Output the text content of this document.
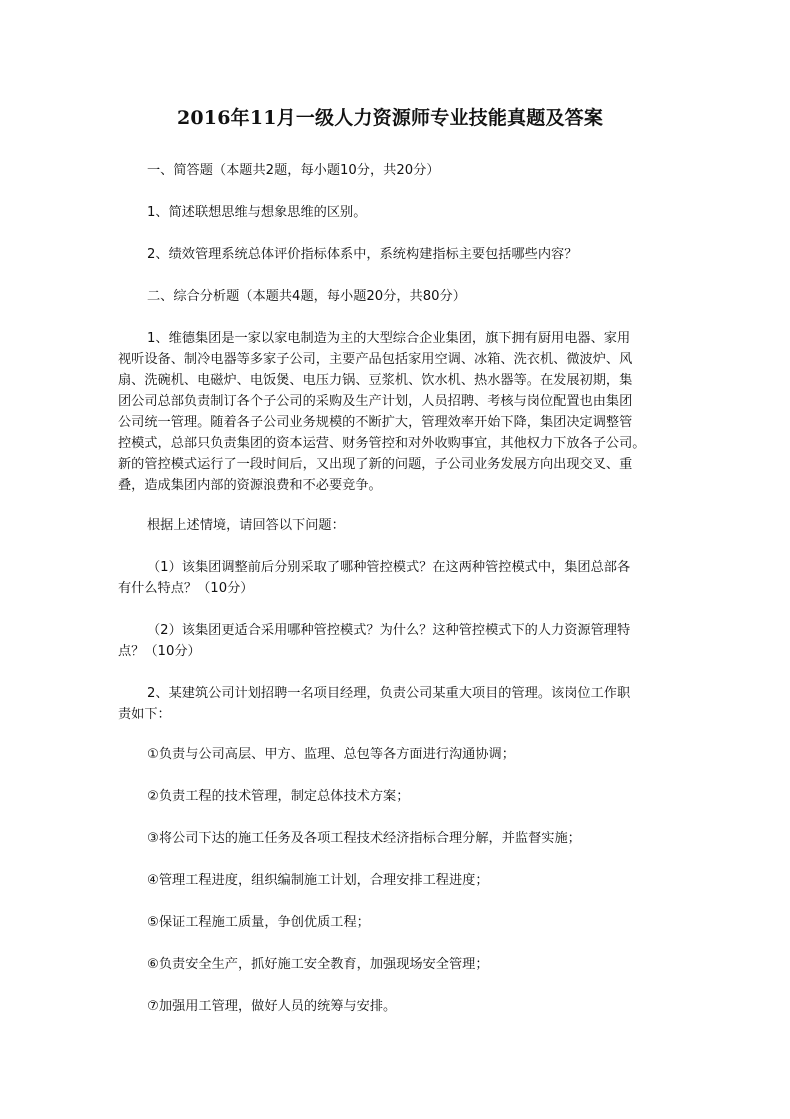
2016年11月一级人力资源师专业技能真题及答案
一、简答题（本题共2题，每小题10分，共20分）
1、简述联想思维与想象思维的区别。
2、绩效管理系统总体评价指标体系中，系统构建指标主要包括哪些内容？
二、综合分析题（本题共4题，每小题20分，共80分）
1、维德集团是一家以家电制造为主的大型综合企业集团，旗下拥有厨用电器、家用
视听设备、制冷电器等多家子公司，主要产品包括家用空调、冰箱、洗衣机、微波炉、风
扇、洗碗机、电磁炉、电饭煲、电压力锅、豆浆机、饮水机、热水器等。在发展初期，集
团公司总部负责制订各个子公司的采购及生产计划，人员招聘、考核与岗位配置也由集团
公司统一管理。随着各子公司业务规模的不断扩大，管理效率开始下降，集团决定调整管
控模式，总部只负责集团的资本运营、财务管控和对外收购事宜，其他权力下放各子公司。
新的管控模式运行了一段时间后，又出现了新的问题，子公司业务发展方向出现交叉、重
叠，造成集团内部的资源浪费和不必要竞争。
根据上述情境，请回答以下问题：
（1）该集团调整前后分别采取了哪种管控模式？在这两种管控模式中，集团总部各
有什么特点？（10分）
（2）该集团更适合采用哪种管控模式？为什么？这种管控模式下的人力资源管理特
点？（10分）
2、某建筑公司计划招聘一名项目经理，负责公司某重大项目的管理。该岗位工作职
责如下：
①负责与公司高层、甲方、监理、总包等各方面进行沟通协调；
②负责工程的技术管理，制定总体技术方案；
③将公司下达的施工任务及各项工程技术经济指标合理分解，并监督实施；
④管理工程进度，组织编制施工计划，合理安排工程进度；
⑤保证工程施工质量，争创优质工程；
⑥负责安全生产，抓好施工安全教育，加强现场安全管理；
⑦加强用工管理，做好人员的统筹与安排。
